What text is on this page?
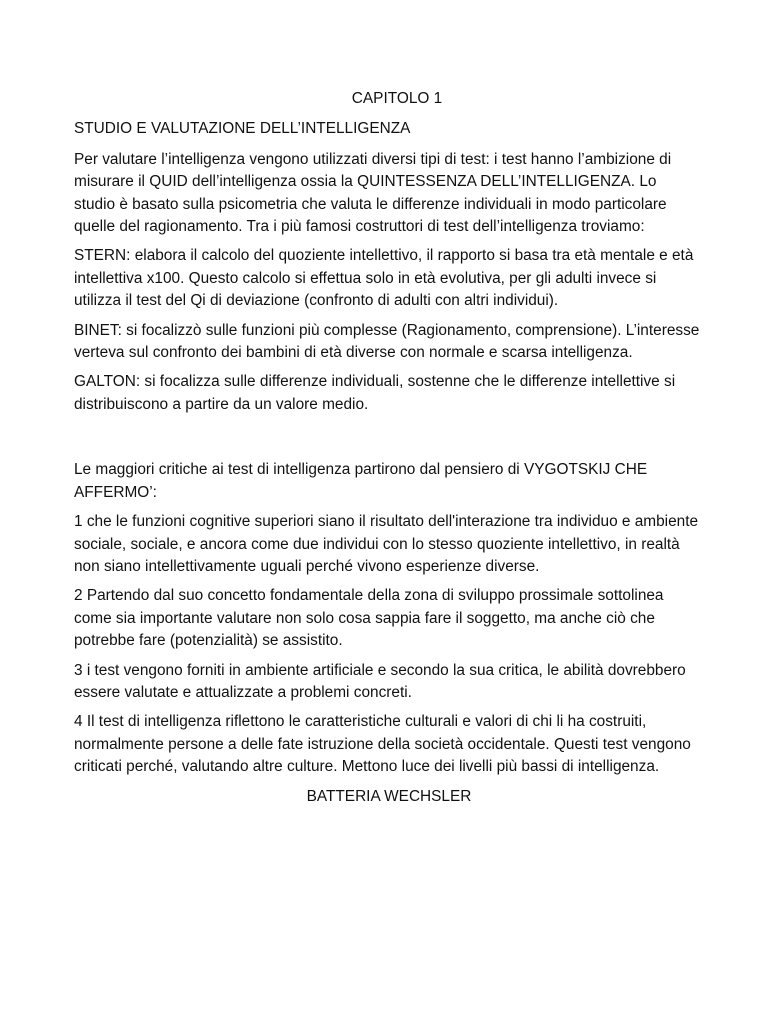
CAPITOLO 1

STUDIO E VALUTAZIONE DELL’INTELLIGENZA

Per valutare l’intelligenza vengono utilizzati diversi tipi di test: i test hanno l’ambizione di misurare il QUID dell’intelligenza ossia la QUINTESSENZA DELL’INTELLIGENZA. Lo studio è basato sulla psicometria che valuta le differenze individuali in modo particolare quelle del ragionamento. Tra i più famosi costruttori di test dell’intelligenza troviamo:

STERN: elabora il calcolo del quoziente intellettivo, il rapporto si basa tra età mentale e età intellettiva x100. Questo calcolo si effettua solo in età evolutiva, per gli adulti invece si utilizza il test del Qi di deviazione (confronto di adulti con altri individui).

BINET: si focalizzò sulle funzioni più complesse (Ragionamento, comprensione). L’interesse verteva sul confronto dei bambini di età diverse con normale e scarsa intelligenza.

GALTON: si focalizza sulle differenze individuali, sostenne che le differenze intellettive si distribuiscono a partire da un valore medio.

Le maggiori critiche ai test di intelligenza partirono dal pensiero di VYGOTSKIJ CHE AFFERMO’:

1 che le funzioni cognitive superiori siano il risultato dell'interazione tra individuo e ambiente sociale, sociale, e ancora come due individui con lo stesso quoziente intellettivo, in realtà non siano intellettivamente uguali perché vivono esperienze diverse.

2 Partendo dal suo concetto fondamentale della zona di sviluppo prossimale sottolinea come sia importante valutare non solo cosa sappia fare il soggetto, ma anche ciò che potrebbe fare (potenzialità) se assistito.

3 i test vengono forniti in ambiente artificiale e secondo la sua critica, le abilità dovrebbero essere valutate e attualizzate a problemi concreti.

4 Il test di intelligenza riflettono le caratteristiche culturali e valori di chi li ha costruiti, normalmente persone a delle fate istruzione della società occidentale. Questi test vengono criticati perché, valutando altre culture. Mettono luce dei livelli più bassi di intelligenza.

BATTERIA WECHSLER
